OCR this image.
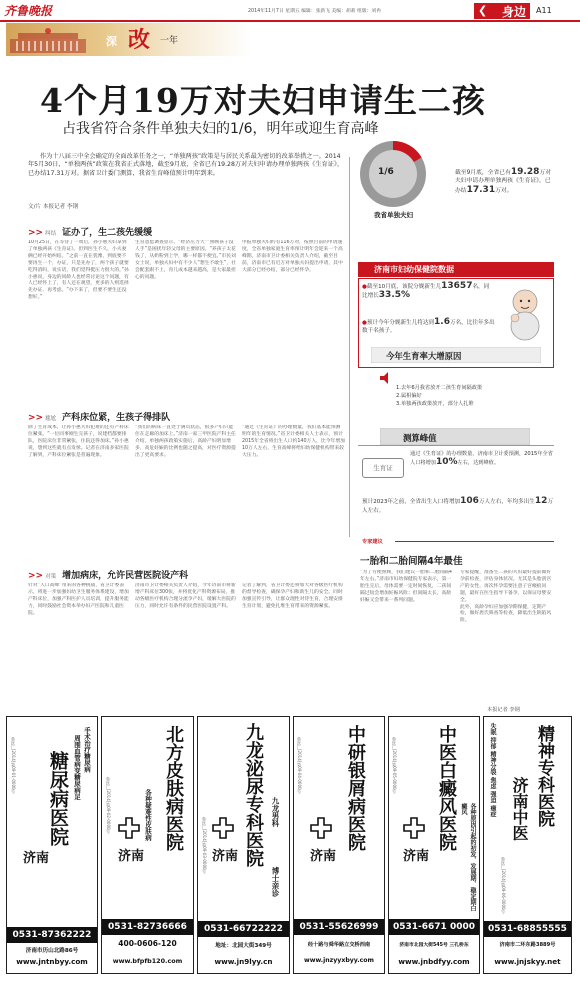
齐鲁晚报	2014年11月7日 星期五 编辑：张新飞 美编：胡莉 组版：刘冉	❮ 身边 A11
深 改 一年
4个月19万对夫妇申请生二孩
占我省符合条件单独夫妇的1/6，明年或迎生育高峰

作为十八届三中全会确定的全面改革任务之一，“单独两孩”政策是与居民关系最为密切的改革举措之一。2014年5月30日，“单独两孩”政策在我省正式落地，截至9月底，全省已有19.28万对夫妇申请办理单独两孩《生育证》，已办结17.31万对。据省卫计委门测算，我省生育峰值预计明年到来。

文/片 本报记者 李钢
1/6
我省单独夫妇
截至9月底，全省已有19.28万对夫妇申请办理单独两孩《生育证》，已办结17.31万对。
>> 纠结 证办了，生二孩先缓缓

10月25日，在等待了一周后，孙小惠夫妇拿到了单独两孩《生育证》。但到医生不久，小夫妻俩已经开始纠结。“之前一直在犹豫，到底要不要再生一个，办证，只是先办了，两个孩子就要吃得消吗，说实话，我们觉得挺压力很大的。”孙小惠说，身边的同龄人也经常讨论这个问题，有人已经怀上了，有人还在观望，更多的人则选择先办证、再考虑。“办下来了，但要不要生还没想好。”

生育意愿调查显示，“经济压力大”“照顾孩子没人手”是困扰年轻父母的主要原因。“养孩子太花钱了，从奶粉到上学，哪一样都不便宜。”市民刘女士说，单独夫妇中有不少人“想生不敢生”，社会配套跟不上，育儿成本越来越高，是大家最担心的问题。

申报单独夫妇约有116万对，按照目前的申请速度，全省单独家庭生育率预计明年会迎来一个高峰期。济南市卫计委相关负责人介绍，截至目前，济南市已有近万对单独夫妇提出申请，其中大部分已经办结，部分已经怀孕。

>> 尴尬 产科床位紧，生孩子得排队

除了生育成本，让孙小惠夫妇犯难的还有产科床位紧张。“一位同事刚生完孩子，说建档都要排队，医院床位非常紧张，住院还得加床。”孙小惠说，想到这些就有点发怵。记者在济南多家医院了解到，产科床位紧张是普遍现象。

“我们的病床一直处于满员状态，很多产妇只能住在走廊的加床上。”济南一家三甲医院产科主任介绍，单独两孩政策实施后，高龄产妇明显增多，高危妊娠的比例也随之提高，对医疗资源提出了更高要求。

“通过《生育证》的办理数量，我们基本能预测明年的生育情况。”省卫计委相关人士表示，预计2015年全省将出生人口约140万人，比今年增加10万人左右，生育高峰将给妇幼保健机构带来较大压力。

>> 对策 增加病床，允许民营医院设产科

针对“人口高峰”带来的各种挑战，省卫计委表示，将进一步加强妇幼卫生服务体系建设，增加产科床位，加强产科医护人员培训，提升服务能力，同时鼓励社会资本举办妇产医院和儿童医院。

济南市卫计委相关负责人介绍，今年济南市将新增产科床位300张，并将优化产科资源布局，推动各级医疗机构合理分流孕产妇，缓解大医院的压力，同时允许有条件的民营医院设置产科。

记者了解到，省卫计委还将加大对各级医疗机构的督导检查，确保孕产妇和新生儿的安全。同时加强宣传引导，让群众理性对待生育，合理安排生育计划，避免扎堆生育带来的资源紧张。

济南市妇幼保健院数据
●截至10月底，该院分娩新生儿13657名，同比增长33.5%
●预计今年分娩新生儿将达到1.6万名，比往年多出数千名孩子。
今年生育率大增原因
1.去年6月我省放开二孩生育间隔政策
2.属相偏好
3.单独两孩政策放开，部分人扎堆
测算峰值
生育证
通过《生育证》的办理数量，济南市卫计委预测，2015年全省人口将增加10%左右，达到峰值。
预计2023年之前，全省出生人口将增加106万人左右，年均多出生12万人左右。
专家建议
一胎和二胎间隔4年最佳

“为了方便照顾，我们建议一胎和二胎间隔4年左右。”济南市妇幼保健院专家表示，第一胎生完后，母体需要一定时间恢复，二孩间隔过短会增加妊娠风险；但间隔太长，高龄妊娠又会带来一系列问题。

专家提醒，准备生二孩的夫妇最好提前做好孕前检查，评估身体状况。尤其是头胎剖宫产的女性，再次怀孕需要注意子宫瘢痕问题，最好在医生指导下备孕，以保证母婴安全。

此外，高龄孕妇应加强孕期保健，定期产检，做好唐氏筛查等检查，降低出生缺陷风险。

本报记者 李钢
鲁医广[2014]第09-01-0000号	手术治疗糖尿病
周围血管病变糖尿病足
糖尿病医院
济南
0531-87362222
济南市历山北路86号
www.jntnbyy.com
鲁医广[2014]第09-02-0000号	北方皮肤病医院
各种疑难性皮肤病
济南
0531-82736666
400-0606-120
www.bfpfb120.com
九龙泌尿专科医院 九龙男科
博士亲诊
济南
鲁医广[2014]第09-03-0000号
0531-66722222
地址：北园大街349号
www.jn9lyy.cn
鲁医广[2014]第09-04-0000号 中研银屑病医院
济南
0531-55626999
经十路与舜华路立交桥西南
www.jnzyyxbyy.com
鲁医广[2014]第09-05-0000号 中医白癜风医院
各种原因引起的初发、发展期、稳定期白癜风
济南
0531-6671 0000
济南市北园大街545号 三孔桥东
www.jnbdfyy.com
失眠 抑郁 精神分裂 焦虑 强迫 癔症 精神专科医院
济南中医
鲁医广[2014]第09-06-0000号
0531-68855555
济南市二环东路3889号
www.jnjskyy.net
